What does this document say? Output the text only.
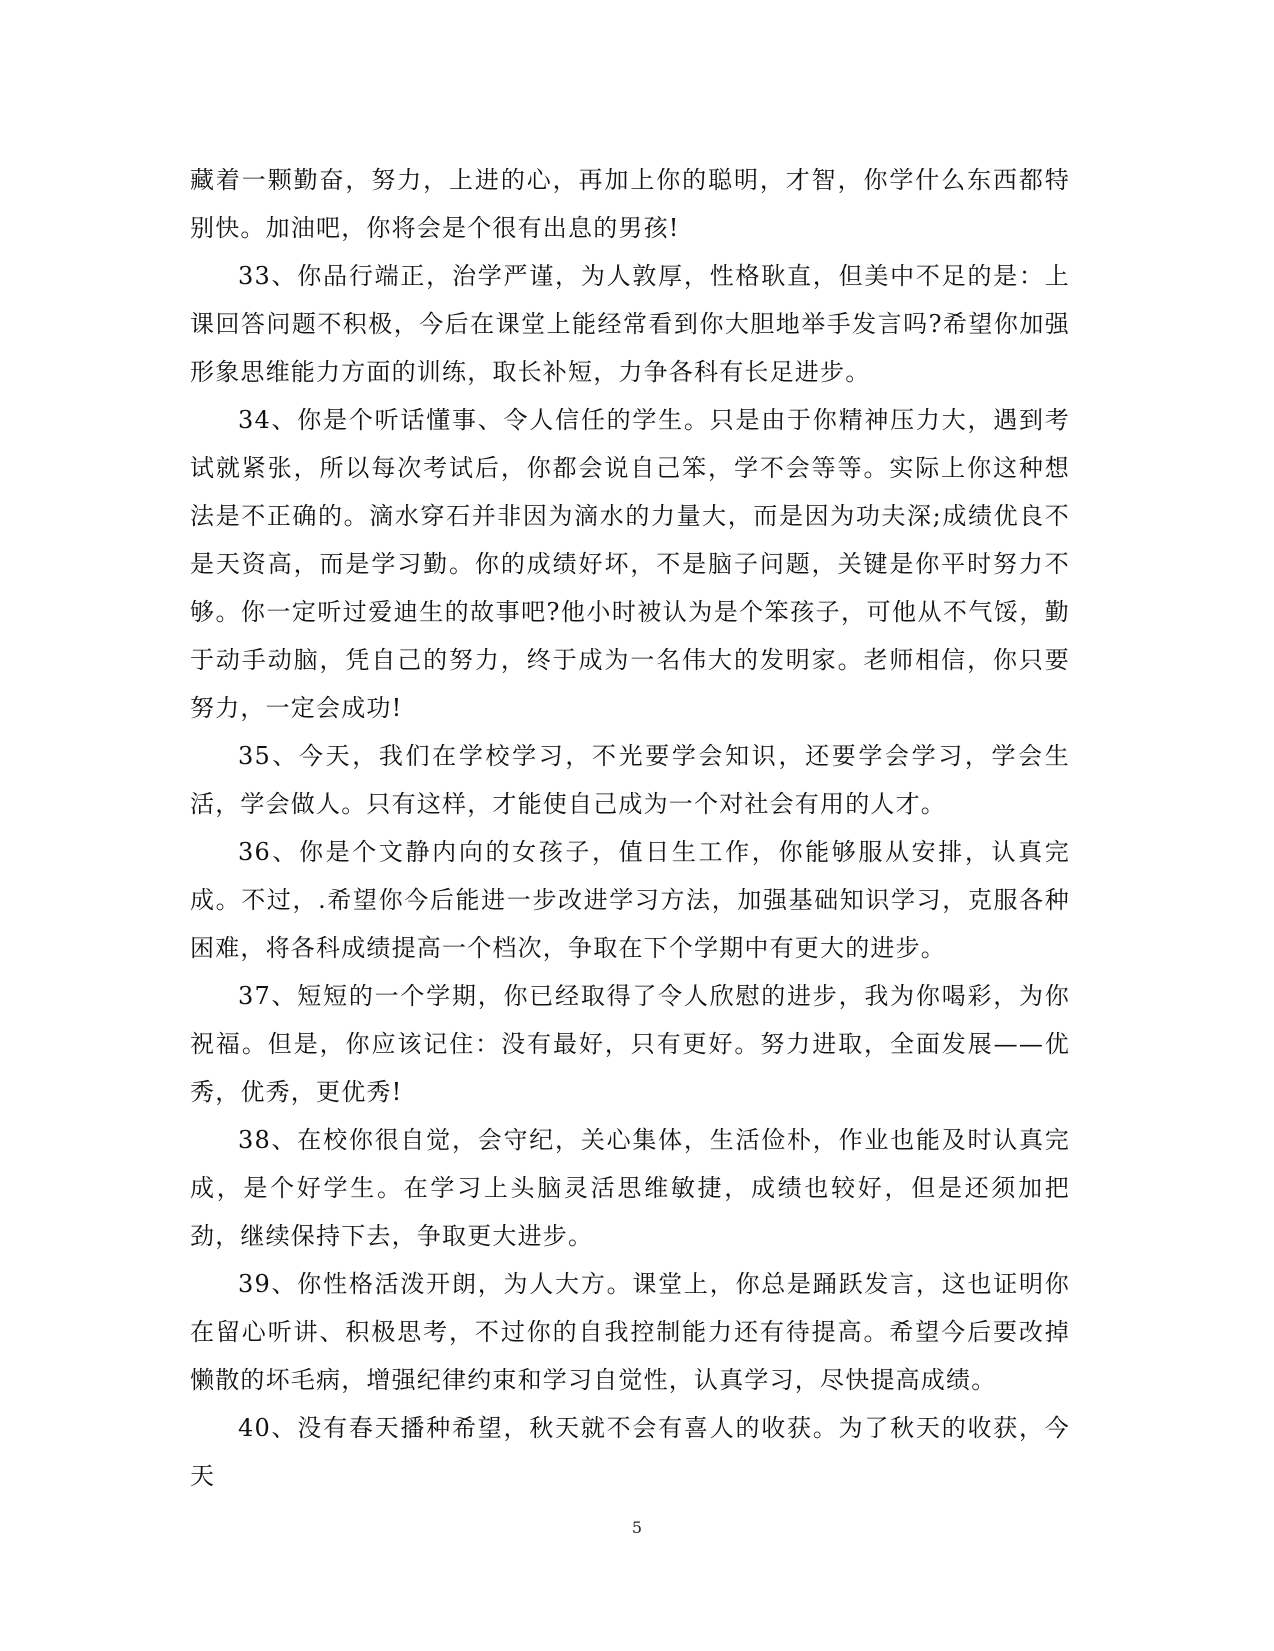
藏着一颗勤奋，努力，上进的心，再加上你的聪明，才智，你学什么东西都特别快。加油吧，你将会是个很有出息的男孩!

33、你品行端正，治学严谨，为人敦厚，性格耿直，但美中不足的是：上课回答问题不积极，今后在课堂上能经常看到你大胆地举手发言吗?希望你加强形象思维能力方面的训练，取长补短，力争各科有长足进步。

34、你是个听话懂事、令人信任的学生。只是由于你精神压力大，遇到考试就紧张，所以每次考试后，你都会说自己笨，学不会等等。实际上你这种想法是不正确的。滴水穿石并非因为滴水的力量大，而是因为功夫深;成绩优良不是天资高，而是学习勤。你的成绩好坏，不是脑子问题，关键是你平时努力不够。你一定听过爱迪生的故事吧?他小时被认为是个笨孩子，可他从不气馁，勤于动手动脑，凭自己的努力，终于成为一名伟大的发明家。老师相信，你只要努力，一定会成功!

35、今天，我们在学校学习，不光要学会知识，还要学会学习，学会生活，学会做人。只有这样，才能使自己成为一个对社会有用的人才。

36、你是个文静内向的女孩子，值日生工作，你能够服从安排，认真完成。不过，.希望你今后能进一步改进学习方法，加强基础知识学习，克服各种困难，将各科成绩提高一个档次，争取在下个学期中有更大的进步。

37、短短的一个学期，你已经取得了令人欣慰的进步，我为你喝彩，为你祝福。但是，你应该记住：没有最好，只有更好。努力进取，全面发展——优秀，优秀，更优秀!

38、在校你很自觉，会守纪，关心集体，生活俭朴，作业也能及时认真完成，是个好学生。在学习上头脑灵活思维敏捷，成绩也较好，但是还须加把劲，继续保持下去，争取更大进步。

39、你性格活泼开朗，为人大方。课堂上，你总是踊跃发言，这也证明你在留心听讲、积极思考，不过你的自我控制能力还有待提高。希望今后要改掉懒散的坏毛病，增强纪律约束和学习自觉性，认真学习，尽快提高成绩。

40、没有春天播种希望，秋天就不会有喜人的收获。为了秋天的收获，今天

5
